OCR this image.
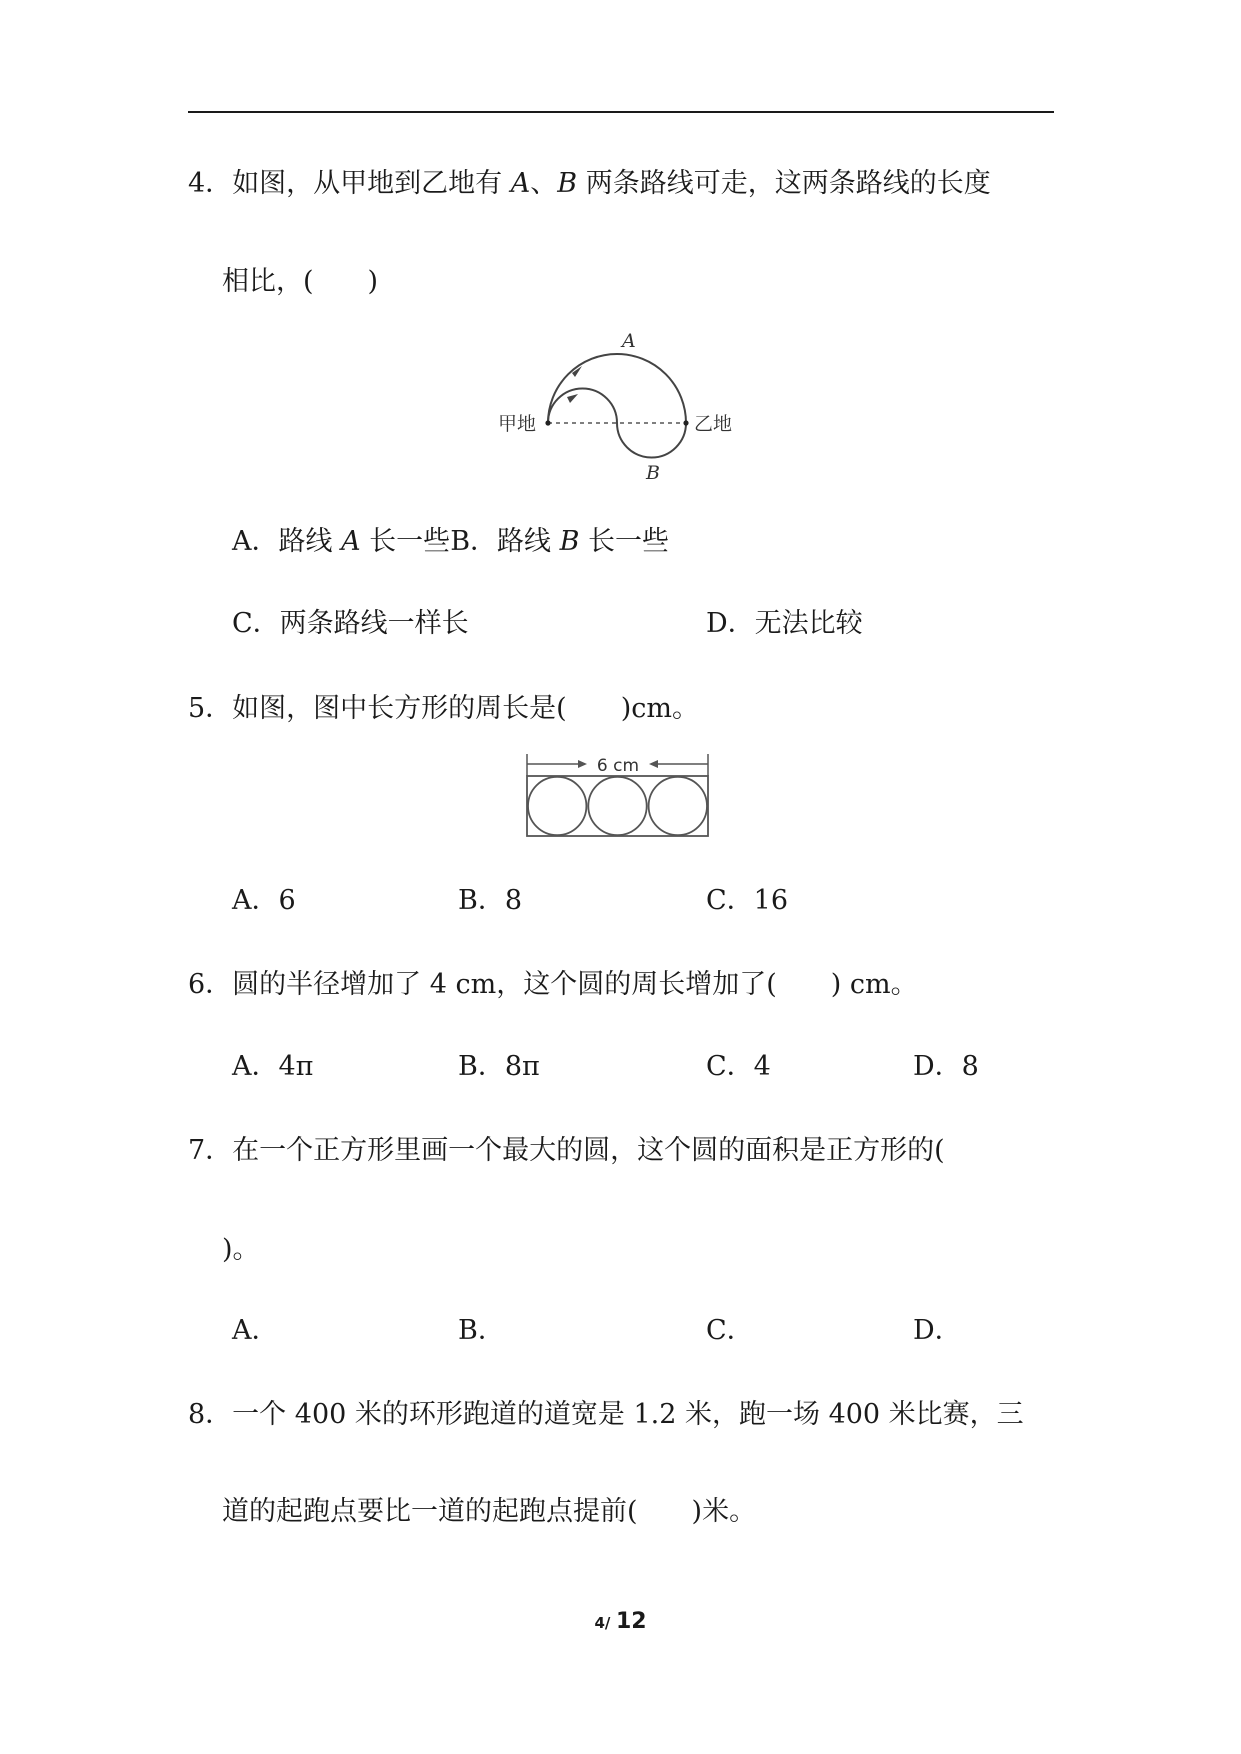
4．如图，从甲地到乙地有 A、B 两条路线可走，这两条路线的长度
相比，(　　)
甲地	乙地
A
B
A．路线 A 长一些B．路线 B 长一些
C．两条路线一样长	D．无法比较
5．如图，图中长方形的周长是(　　)cm。
6 cm
A．6	B．8	C．16
6．圆的半径增加了 4 cm，这个圆的周长增加了(　　) cm。
A．4π	B．8π	C．4	D．8
7．在一个正方形里画一个最大的圆，这个圆的面积是正方形的(
)。
A．	B．	C．	D．
8．一个 400 米的环形跑道的道宽是 1.2 米，跑一场 400 米比赛，三
道的起跑点要比一道的起跑点提前(　　)米。
4/ 12
